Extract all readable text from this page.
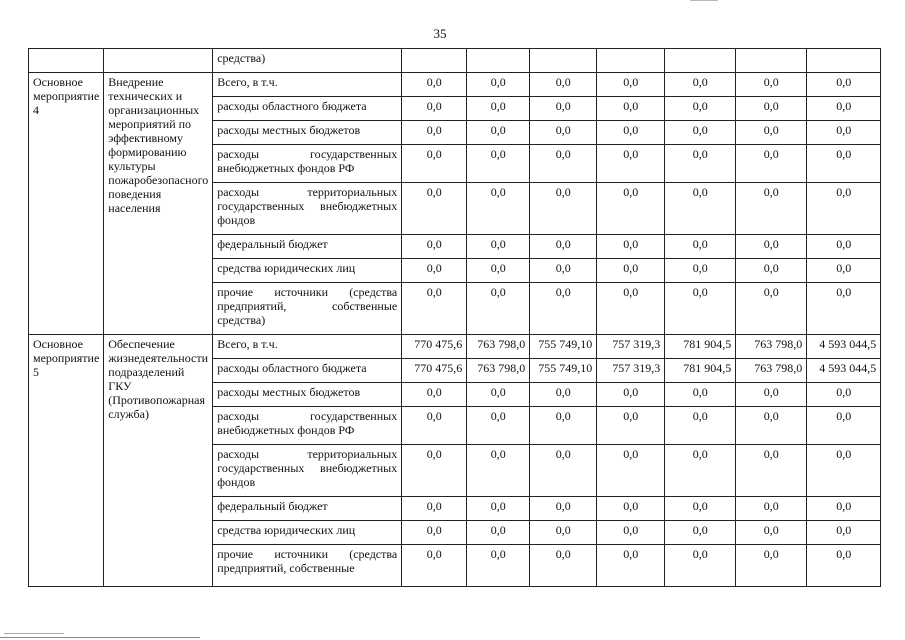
35
		средства)							
Основное мероприятие 4	Внедрение технических и организационных мероприятий по эффективному формированию культуры пожаробезопасного поведения населения	Всего, в т.ч.	0,0	0,0	0,0	0,0	0,0	0,0	0,0
		расходы областного бюджета	0,0	0,0	0,0	0,0	0,0	0,0	0,0
		расходы местных бюджетов	0,0	0,0	0,0	0,0	0,0	0,0	0,0
		расходы государственных внебюджетных фондов РФ	0,0	0,0	0,0	0,0	0,0	0,0	0,0
		расходы территориальных государственных внебюджетных фондов	0,0	0,0	0,0	0,0	0,0	0,0	0,0
		федеральный бюджет	0,0	0,0	0,0	0,0	0,0	0,0	0,0
		средства юридических лиц	0,0	0,0	0,0	0,0	0,0	0,0	0,0
		прочие источники (средства предприятий, собственные средства)	0,0	0,0	0,0	0,0	0,0	0,0	0,0
Основное мероприятие 5	Обеспечение жизнедеятельности подразделений ГКУ (Противопожарная служба)	Всего, в т.ч.	770 475,6	763 798,0	755 749,10	757 319,3	781 904,5	763 798,0	4 593 044,5
		расходы областного бюджета	770 475,6	763 798,0	755 749,10	757 319,3	781 904,5	763 798,0	4 593 044,5
		расходы местных бюджетов	0,0	0,0	0,0	0,0	0,0	0,0	0,0
		расходы государственных внебюджетных фондов РФ	0,0	0,0	0,0	0,0	0,0	0,0	0,0
		расходы территориальных государственных внебюджетных фондов	0,0	0,0	0,0	0,0	0,0	0,0	0,0
		федеральный бюджет	0,0	0,0	0,0	0,0	0,0	0,0	0,0
		средства юридических лиц	0,0	0,0	0,0	0,0	0,0	0,0	0,0
		прочие источники (средства предприятий, собственные	0,0	0,0	0,0	0,0	0,0	0,0	0,0
